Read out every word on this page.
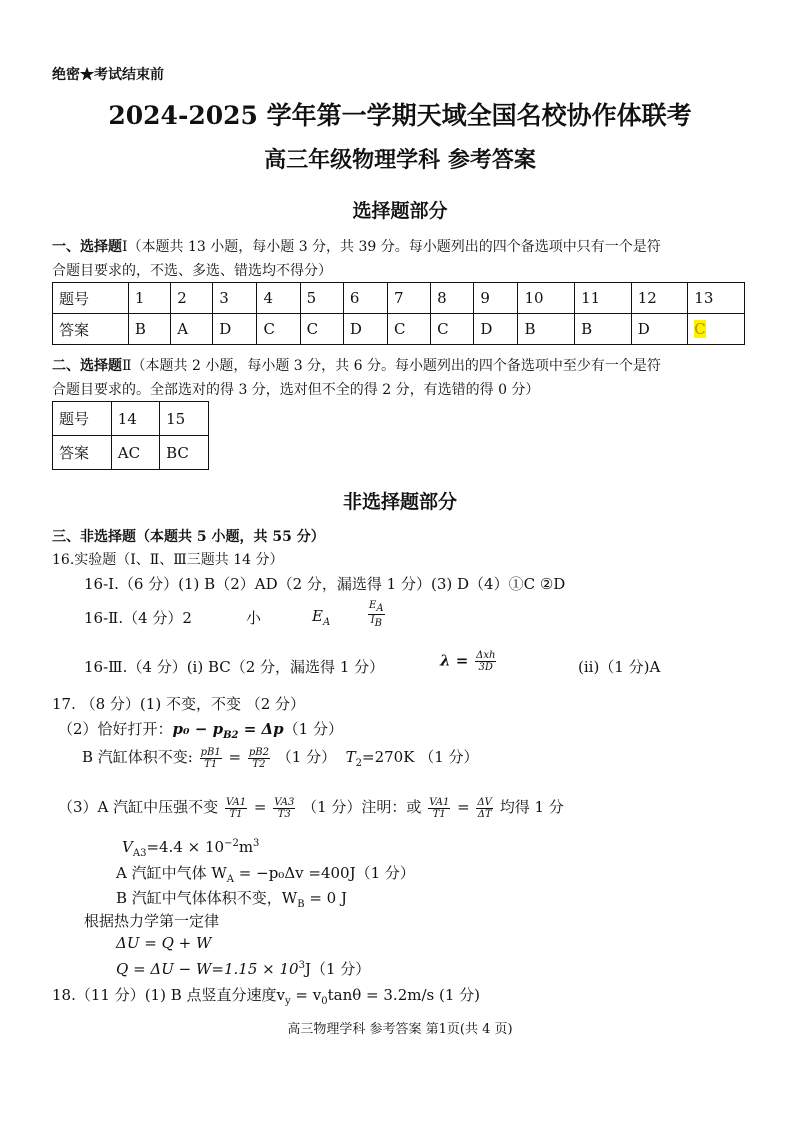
绝密★考试结束前
2024-2025 学年第一学期天域全国名校协作体联考
高三年级物理学科 参考答案
选择题部分
一、选择题Ⅰ（本题共 13 小题，每小题 3 分，共 39 分。每小题列出的四个备选项中只有一个是符
合题目要求的，不选、多选、错选均不得分）
题号	1	2	3	4	5	6	7	8	9	10	11	12	13
答案	B	A	D	C	C	D	C	C	D	B	B	D	C
二、选择题Ⅱ（本题共 2 小题，每小题 3 分，共 6 分。每小题列出的四个备选项中至少有一个是符
合题目要求的。全部选对的得 3 分，选对但不全的得 2 分，有选错的得 0 分）
题号	14	15
答案	AC	BC
非选择题部分
三、非选择题（本题共 5 小题，共 55 分）
16.实验题（Ⅰ、Ⅱ、Ⅲ三题共 14 分）
16-Ⅰ.（6 分）(1) B（2）AD（2 分，漏选得 1 分）(3) D（4）①C ②D
16-Ⅱ.（4 分）2	小	$E_A$	$\frac{E_A}{I_B}$
16-Ⅲ.（4 分）(i) BC（2 分，漏选得 1 分）	$\lambda = \frac{\text{Δxh}}{3D}$	(ii)（1 分)A
17. （8 分）(1) 不变，不变 （2 分）
（2）恰好打开：$p_0 - p_{B2} = \Delta p(1$ 分）
B 汽缸体积不变: $\frac{pB1}{T1} = \frac{pB2}{T2} (1$ 分） $T_2=270K$ （1 分）
（3）A 汽缸中压强不变 $\frac{VA1}{T1} = \frac{VA3}{T3} (1$ 分）注明：或 $\frac{VA1}{T1} = \frac{\Delta V}{\Delta T}$ 均得 1 分
$V_{A3}=4.4 \times 10^{-2}m^3$
A 汽缸中气体 $W_A = -p_0\Delta v =400J(1$ 分）
B 汽缸中气体体积不变，$W_B = 0$ J
根据热力学第一定律
ΔU = Q + W
$Q = \Delta U - W=1.15 \times 10^3J(1$ 分）
18.（11 分）(1) B 点竖直分速度$v_y = v_0\tan\theta = 3.2m/s$ (1 分)
高三物理学科 参考答案 第1页(共 4 页)
